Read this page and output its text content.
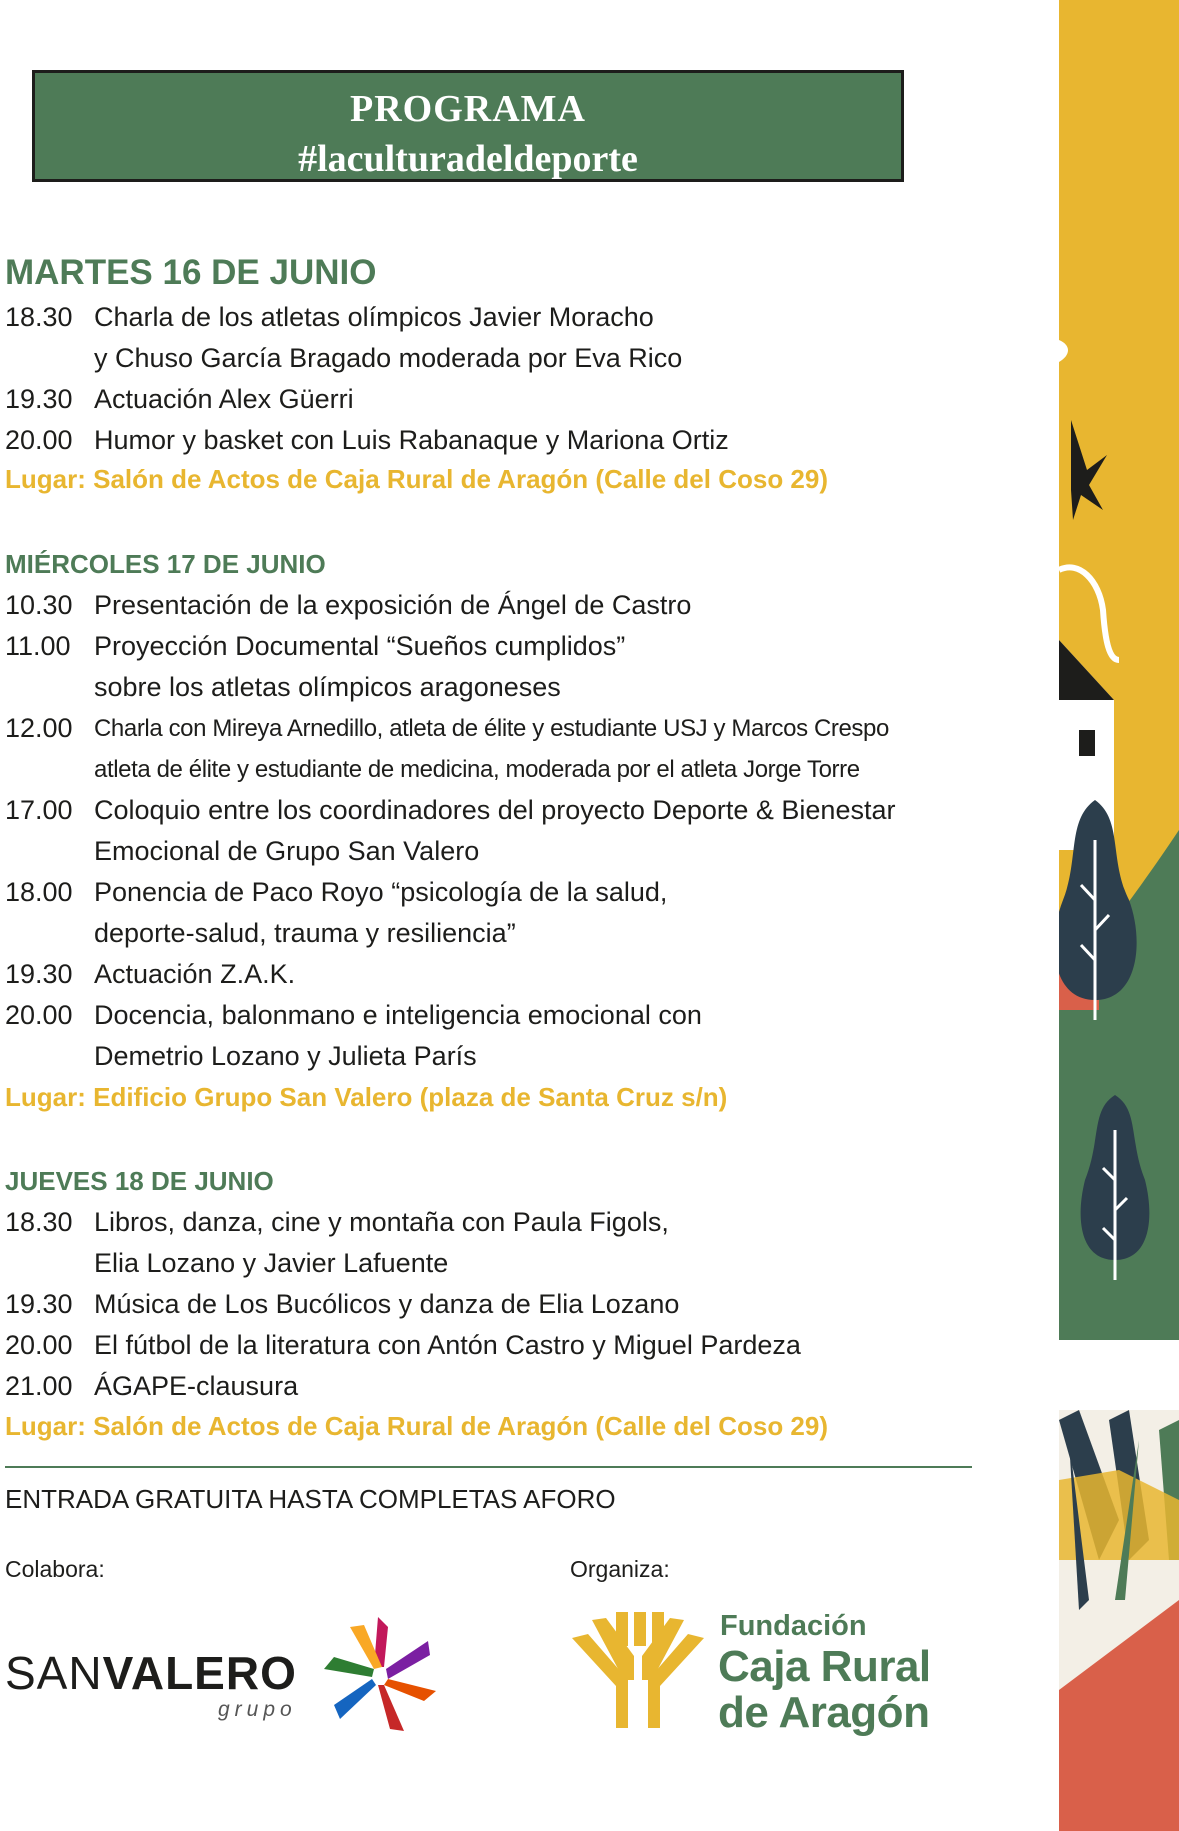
PROGRAMA
#laculturadeldeporte
MARTES 16 DE JUNIO
18.30 Charla de los atletas olímpicos Javier Moracho
y Chuso García Bragado moderada por Eva Rico
19.30 Actuación Alex Güerri
20.00 Humor y basket con Luis Rabanaque y Mariona Ortiz
Lugar: Salón de Actos de Caja Rural de Aragón (Calle del Coso 29)
MIÉRCOLES 17 DE JUNIO
10.30 Presentación de la exposición de Ángel de Castro
11.00 Proyección Documental “Sueños cumplidos”
sobre los atletas olímpicos aragoneses
12.00 Charla con Mireya Arnedillo, atleta de élite y estudiante USJ y Marcos Crespo
atleta de élite y estudiante de medicina, moderada por el atleta Jorge Torre
17.00 Coloquio entre los coordinadores del proyecto Deporte & Bienestar
Emocional de Grupo San Valero
18.00 Ponencia de Paco Royo “psicología de la salud,
deporte-salud, trauma y resiliencia”
19.30 Actuación Z.A.K.
20.00 Docencia, balonmano e inteligencia emocional con
Demetrio Lozano y Julieta París
Lugar: Edificio Grupo San Valero (plaza de Santa Cruz s/n)
JUEVES 18 DE JUNIO
18.30 Libros, danza, cine y montaña con Paula Figols,
Elia Lozano y Javier Lafuente
19.30 Música de Los Bucólicos y danza de Elia Lozano
20.00 El fútbol de la literatura con Antón Castro y Miguel Pardeza
21.00 ÁGAPE-clausura
Lugar: Salón de Actos de Caja Rural de Aragón (Calle del Coso 29)
ENTRADA GRATUITA HASTA COMPLETAS AFORO
Colabora:	Organiza:
SANVALERO
grupo
Fundación
Caja Rural
de Aragón
